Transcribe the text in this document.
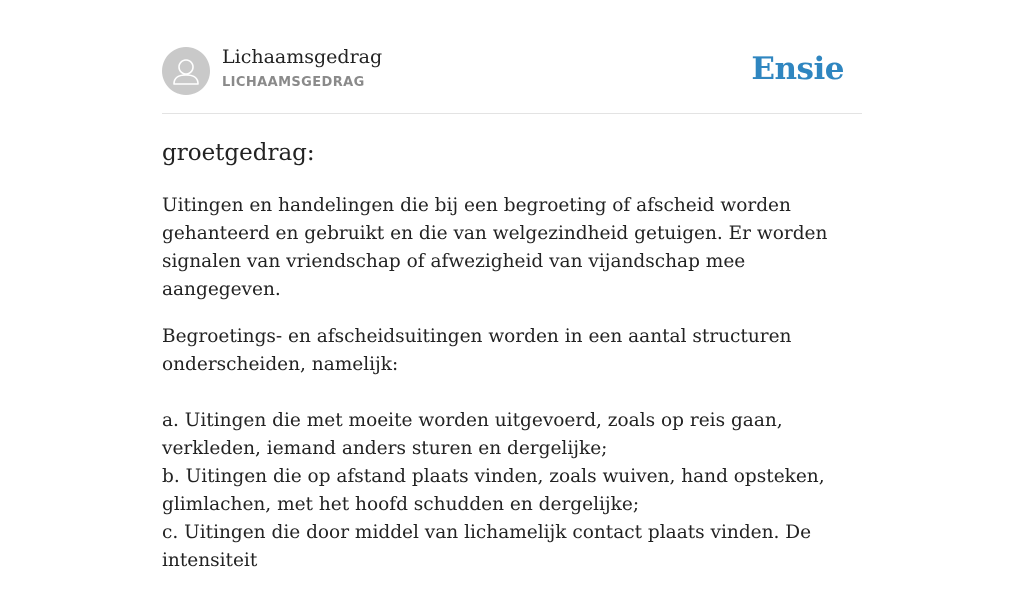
Lichaamsgedrag
LICHAAMSGEDRAG	Ensie
groetgedrag:

Uitingen en handelingen die bij een begroeting of afscheid worden gehanteerd en gebruikt en die van welgezindheid getuigen. Er worden signalen van vriendschap of afwezigheid van vijandschap mee aangegeven.

Begroetings- en afscheidsuitingen worden in een aantal structuren onderscheiden, namelijk:

a. Uitingen die met moeite worden uitgevoerd, zoals op reis gaan, verkleden, iemand anders sturen en dergelijke;
b. Uitingen die op afstand plaats vinden, zoals wuiven, hand opsteken, glimlachen, met het hoofd schudden en dergelijke;
c. Uitingen die door middel van lichamelijk contact plaats vinden. De intensiteit
